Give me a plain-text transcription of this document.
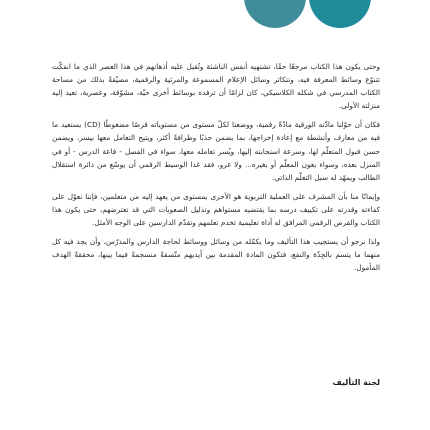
وحتى يكون هذا الكتاب مرجعًا حقًا، تشتهيه أنفس الناشئة وتُقبل عليه أذهانهم في هذا العصر الذي ما انفكّت تتنوّع وسائط المعرفة فيه، وتتكاثر وسائل الإعلام المسموعة والمرئية والرقمية، مضيّقةً بذلك من مساحة الكتاب المدرسي في شكله الكلاسيكي، كان لزامًا أن ترفده بوسائط أخرى حيّة، مشوّقة، وعصرية، تعيد إليه منزلته الأولى.

فكان أن حوّلنا مادّته الورقية مادّةً رقمية، ووضعنا لكلّ مستوى من مستوياته قرصًا مضغوطًا (CD) يستعيد ما فيه من معارف وأنشطة مع إعادة إخراجها، بما يضمن جذبًا وطرافةً أكثر، ويتيح التعامل معها بيسر، ويضمن حسن قبول المتعلّم لها، وسرعة استجابته إليها، ويُسر تعامله معها، سواء في الفصل - قاعة الدرس - أو في المنزل بعده، وسواء بعون المعلّم أو بغيره... ولا غرو، فقد غدا الوسيط الرقمي أن يوسّع من دائرة استقلال الطالب ويمهّد له سبل التعلّم الذاتي.

وإيمانًا منا بأن المشرف على العملية التربوية هو الأحرى بمستوى من يعهد إليه من متعلمين، فإننا نعوّل على كفاءته وقدرته على تكييف درسه بما يقتضيه مستواهم وتذليل الصعوبات التي قد تعترضهم، حتى يكون هذا الكتاب والقرص الرقمي المرافق له أداة تعليمية تخدم تعلمهم وتقدّم الدارسين على الوجه الأمثل.

ولذا نرجو أن يستجيب هذا التأليف وما يكمّله من وسائل ووسائط لحاجة الدارس والمدرّس، وأن يجد فيه كل منهما ما يتسم بالجِدّة والنفع، فتكون المادة المقدمة بين أيديهم متّسقةً منسجمةً فيما بينها، محققةً الهدف المأمول.

لجنة التأليف
